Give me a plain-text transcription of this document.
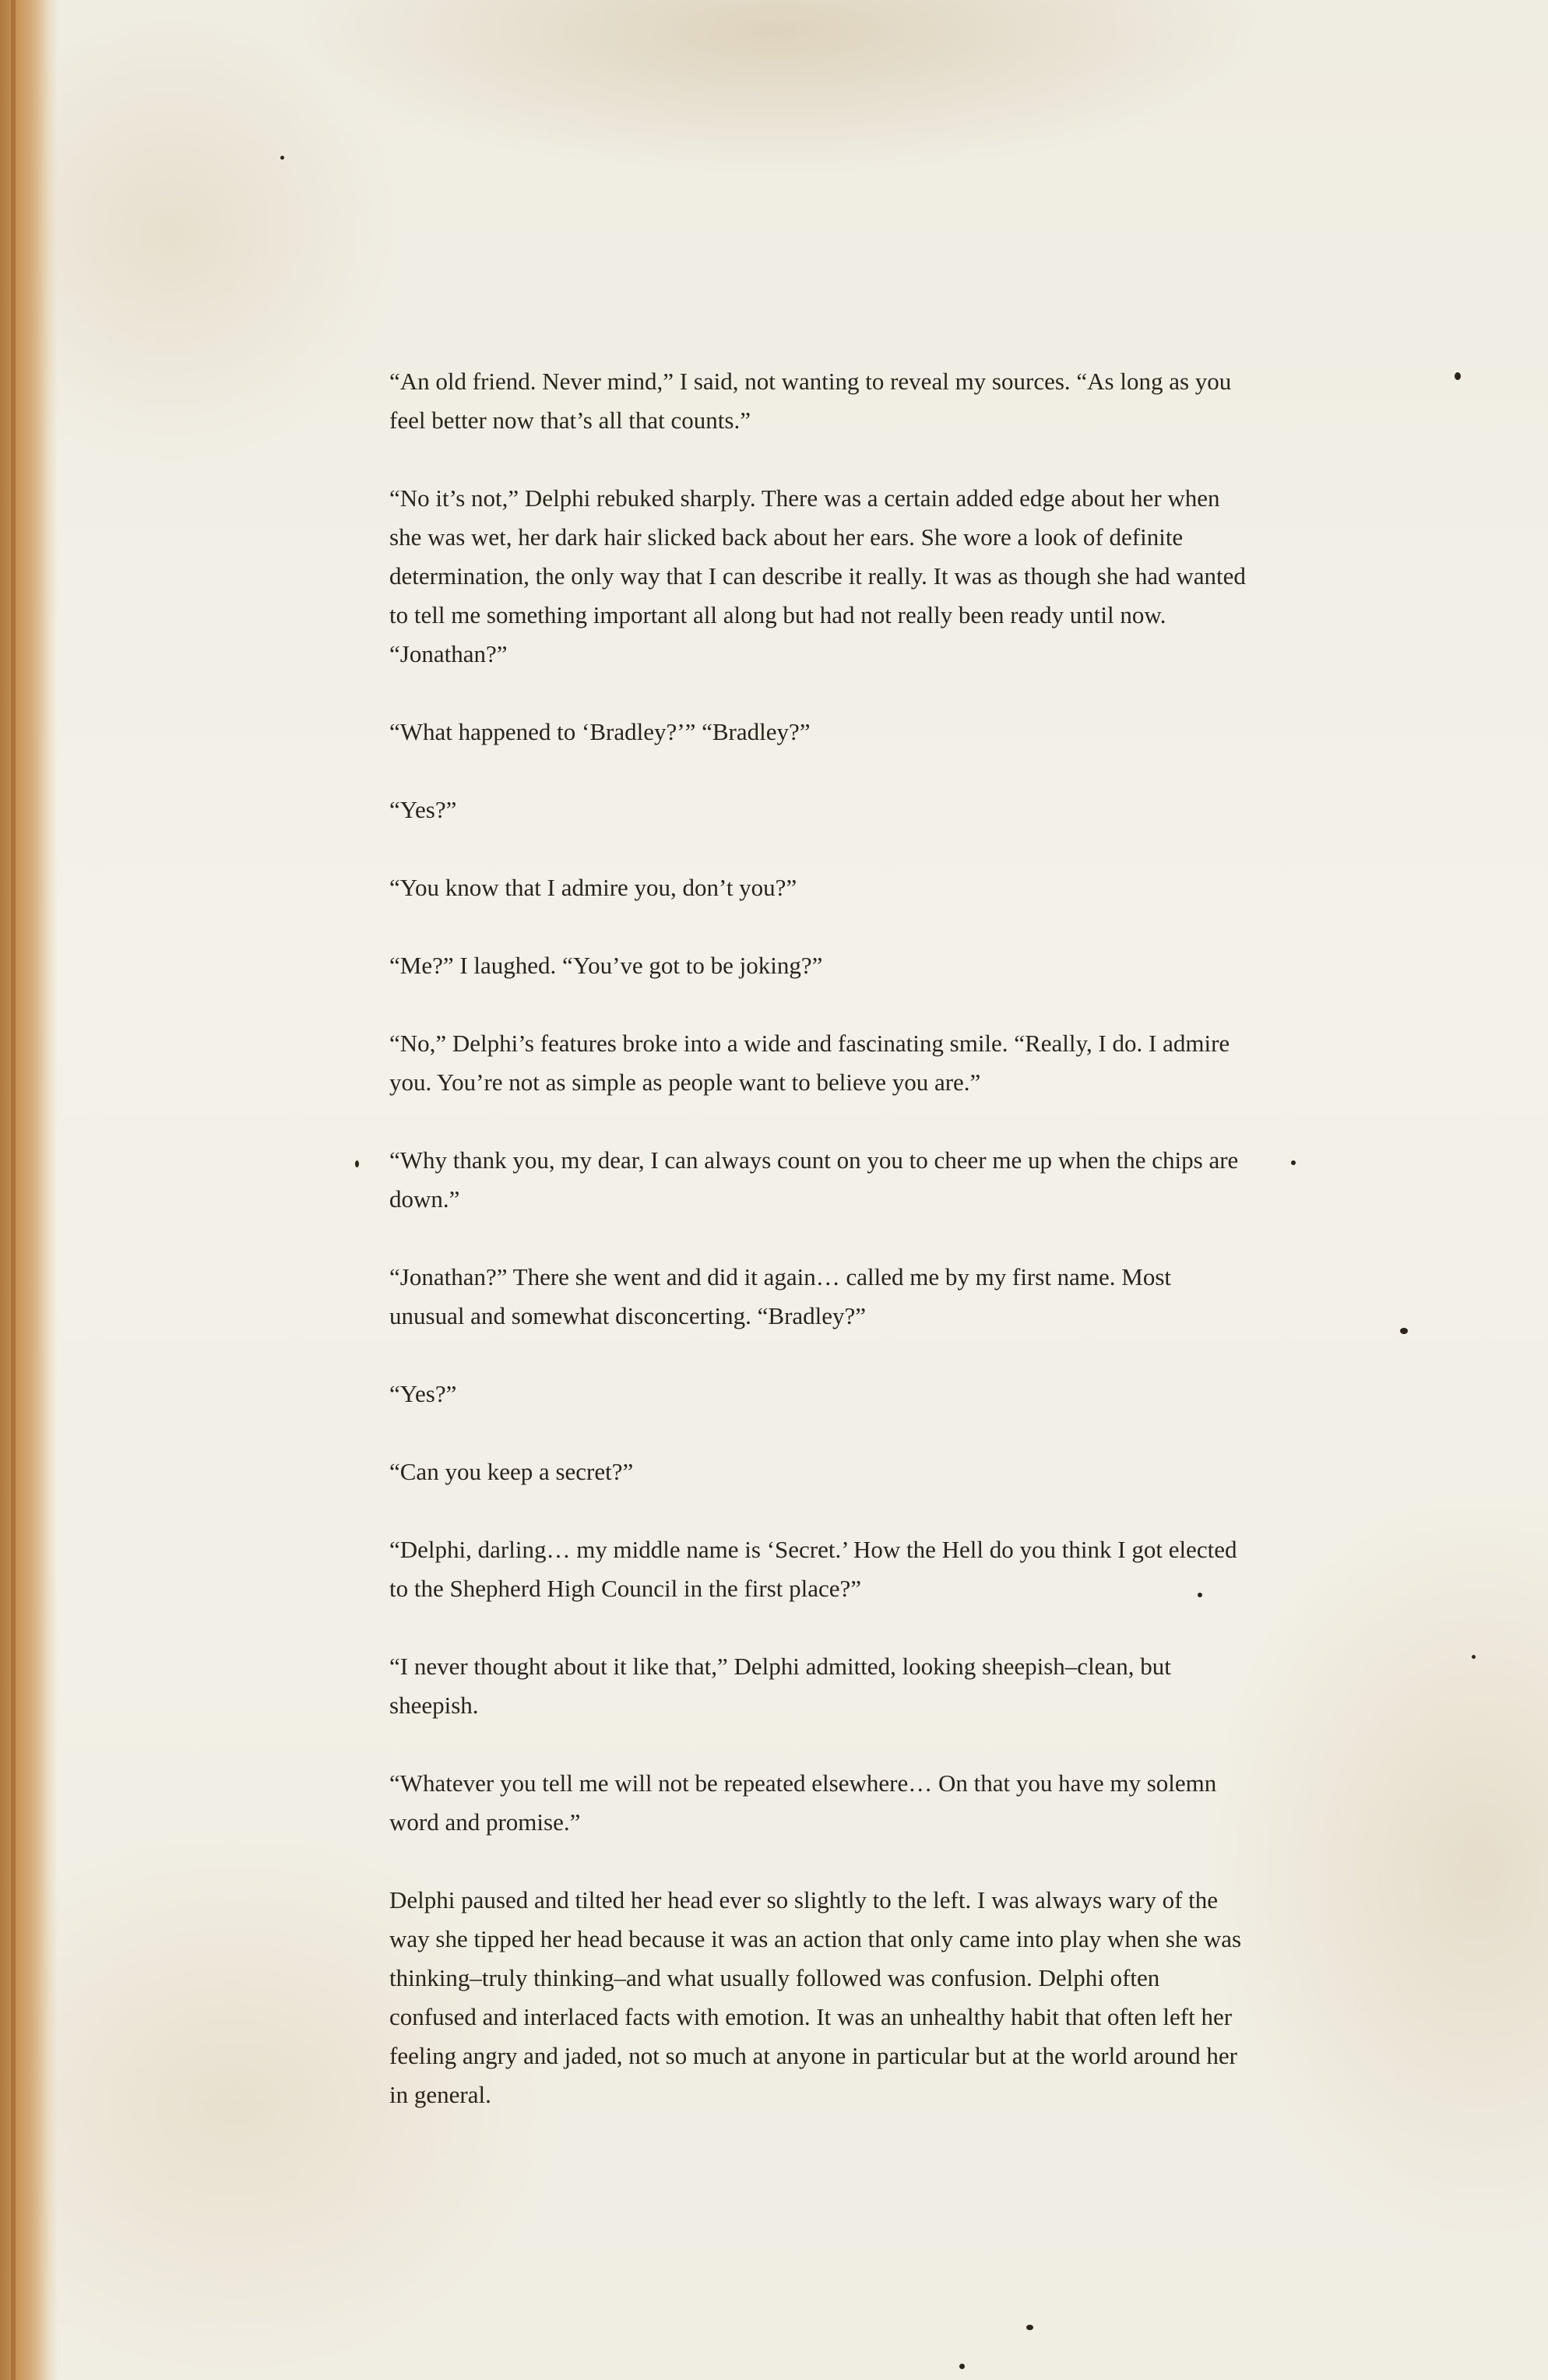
“An old friend. Never mind,” I said, not wanting to reveal my sources. “As long as you feel better now that’s all that counts.”

“No it’s not,” Delphi rebuked sharply. There was a certain added edge about her when she was wet, her dark hair slicked back about her ears. She wore a look of definite determination, the only way that I can describe it really. It was as though she had wanted to tell me something important all along but had not really been ready until now. “Jonathan?”

“What happened to ‘Bradley?’” “Bradley?”

“Yes?”

“You know that I admire you, don’t you?”

“Me?” I laughed. “You’ve got to be joking?”

“No,” Delphi’s features broke into a wide and fascinating smile. “Really, I do. I admire you. You’re not as simple as people want to believe you are.”

“Why thank you, my dear, I can always count on you to cheer me up when the chips are down.”

“Jonathan?” There she went and did it again… called me by my first name. Most unusual and somewhat disconcerting. “Bradley?”

“Yes?”

“Can you keep a secret?”

“Delphi, darling… my middle name is ‘Secret.’ How the Hell do you think I got elected to the Shepherd High Council in the first place?”

“I never thought about it like that,” Delphi admitted, looking sheepish–clean, but sheepish.

“Whatever you tell me will not be repeated elsewhere… On that you have my solemn word and promise.”

Delphi paused and tilted her head ever so slightly to the left. I was always wary of the way she tipped her head because it was an action that only came into play when she was thinking–truly thinking–and what usually followed was confusion. Delphi often confused and interlaced facts with emotion. It was an unhealthy habit that often left her feeling angry and jaded, not so much at anyone in particular but at the world around her in general.
